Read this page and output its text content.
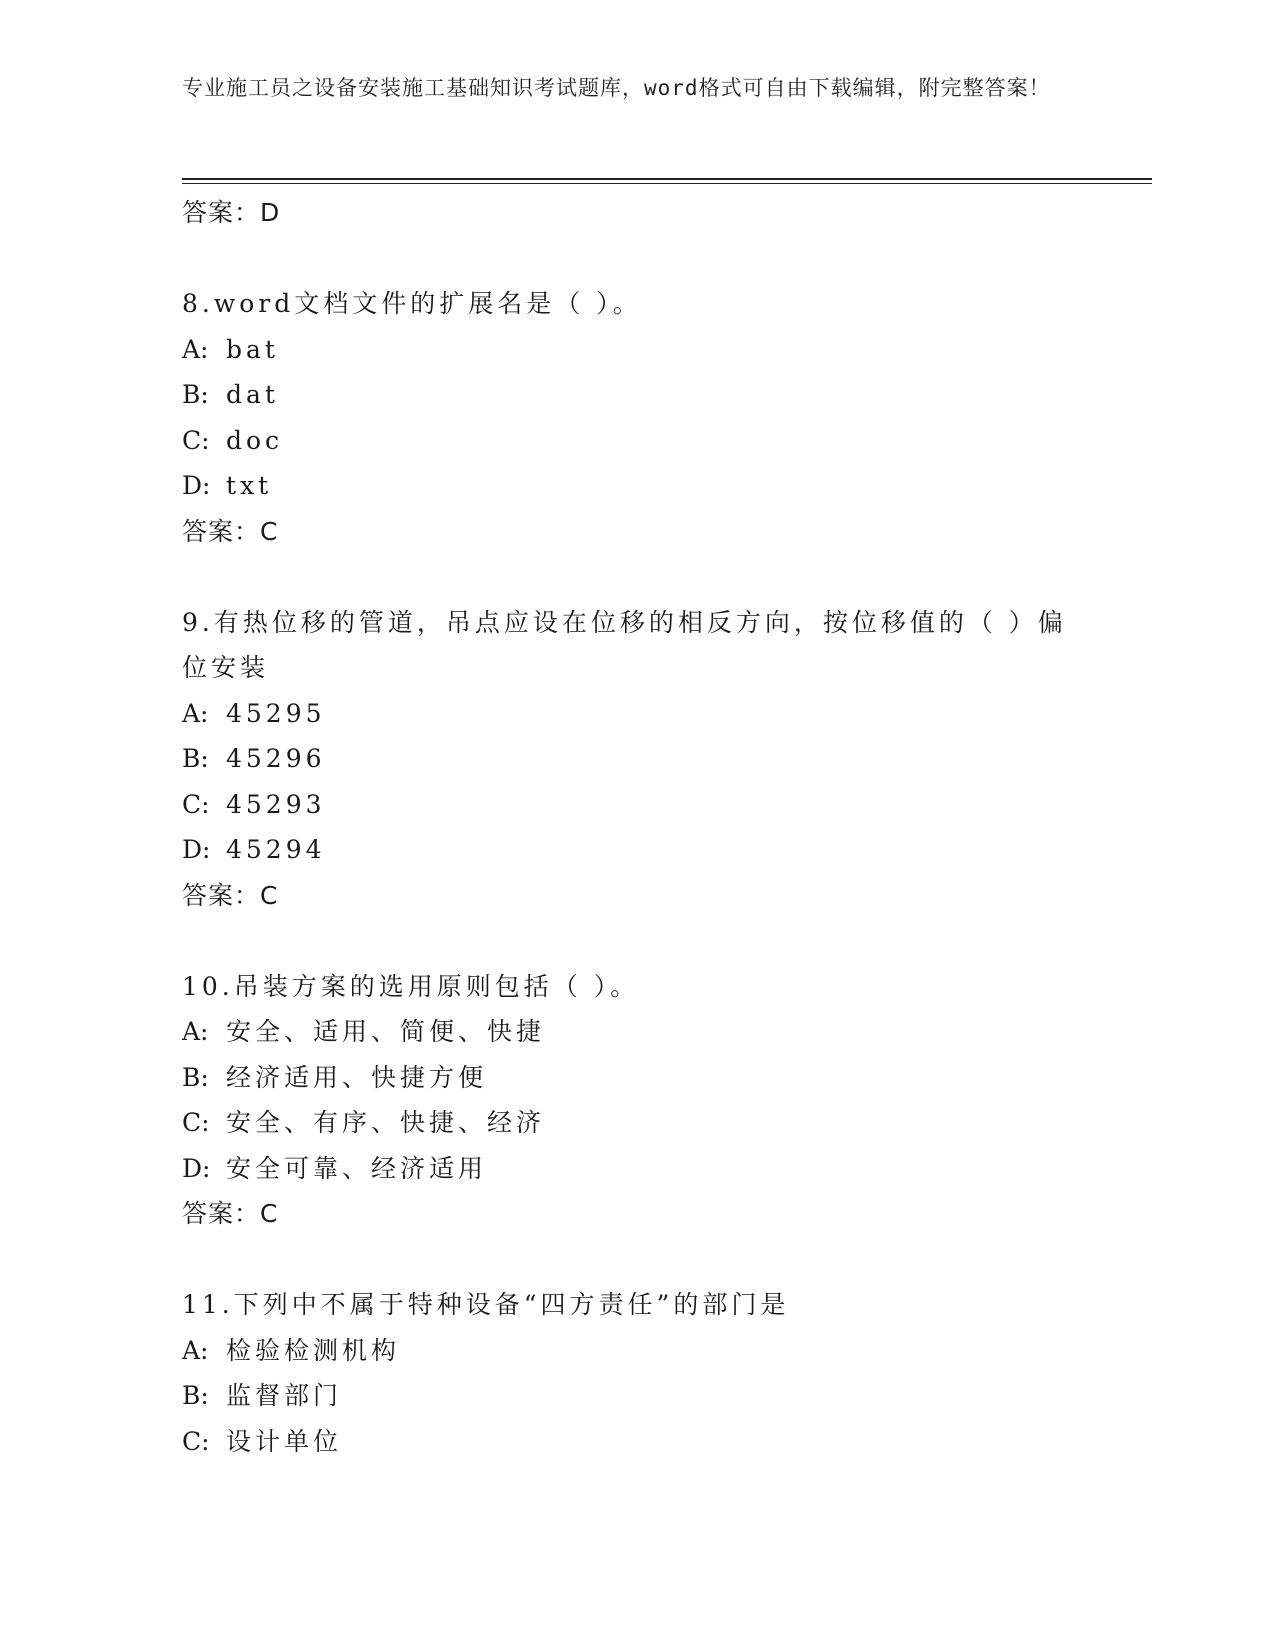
专业施工员之设备安装施工基础知识考试题库，word格式可自由下载编辑，附完整答案！
答案：D
8.word文档文件的扩展名是（ ）。
A: bat
B: dat
C: doc
D: txt
答案：C
9.有热位移的管道，吊点应设在位移的相反方向，按位移值的（ ）偏位安装
A: 45295
B: 45296
C: 45293
D: 45294
答案：C
10.吊装方案的选用原则包括（ ）。
A: 安全、适用、简便、快捷
B: 经济适用、快捷方便
C: 安全、有序、快捷、经济
D: 安全可靠、经济适用
答案：C
11.下列中不属于特种设备“四方责任”的部门是
A: 检验检测机构
B: 监督部门
C: 设计单位
